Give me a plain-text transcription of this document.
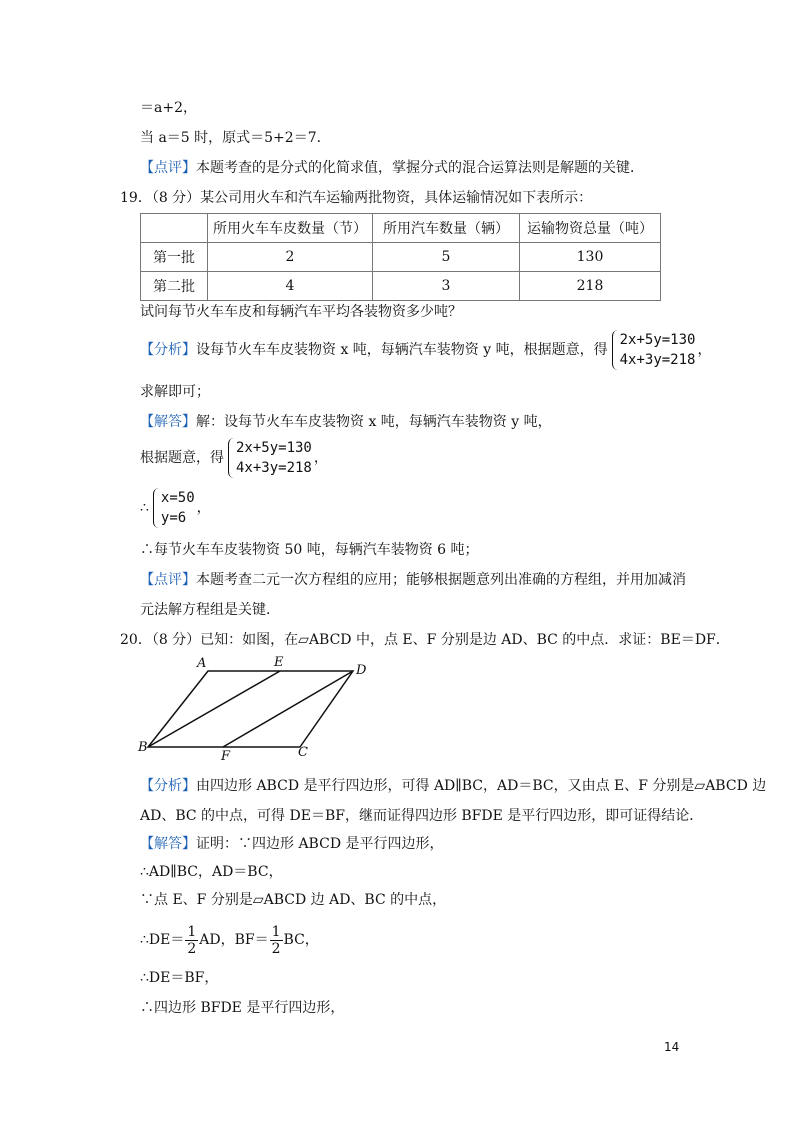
＝a+2，
当 a＝5 时，原式＝5+2＝7．
【点评】本题考查的是分式的化简求值，掌握分式的混合运算法则是解题的关键．
19．（8 分）某公司用火车和汽车运输两批物资，具体运输情况如下表所示：
	所用火车车皮数量（节）	所用汽车数量（辆）	运输物资总量（吨）
第一批	2	5	130
第二批	4	3	218
试问每节火车车皮和每辆汽车平均各装物资多少吨？
【分析】设每节火车车皮装物资 x 吨，每辆汽车装物资 y 吨，根据题意，得
2x+5y=130
4x+3y=218
，
求解即可；
【解答】解：设每节火车车皮装物资 x 吨，每辆汽车装物资 y 吨，
根据题意，得
2x+5y=130
4x+3y=218
，
∴
x=50
y=6
，
∴每节火车车皮装物资 50 吨，每辆汽车装物资 6 吨；
【点评】本题考查二元一次方程组的应用；能够根据题意列出准确的方程组，并用加减消
元法解方程组是关键．
20．（8 分）已知：如图，在▱ABCD 中，点 E、F 分别是边 AD、BC 的中点．求证：BE＝DF．
A	E
D
B
F	C
【分析】由四边形 ABCD 是平行四边形，可得 AD∥BC，AD＝BC，又由点 E、F 分别是▱ABCD 边
AD、BC 的中点，可得 DE＝BF，继而证得四边形 BFDE 是平行四边形，即可证得结论．
【解答】证明：∵四边形 ABCD 是平行四边形，
∴AD∥BC，AD＝BC，
∵点 E、F 分别是▱ABCD 边 AD、BC 的中点，
∴DE＝ $\frac{1}{2}$ AD，$BF= \frac{1}{2}$ BC，
∴DE＝BF，
∴四边形 BFDE 是平行四边形，
14
